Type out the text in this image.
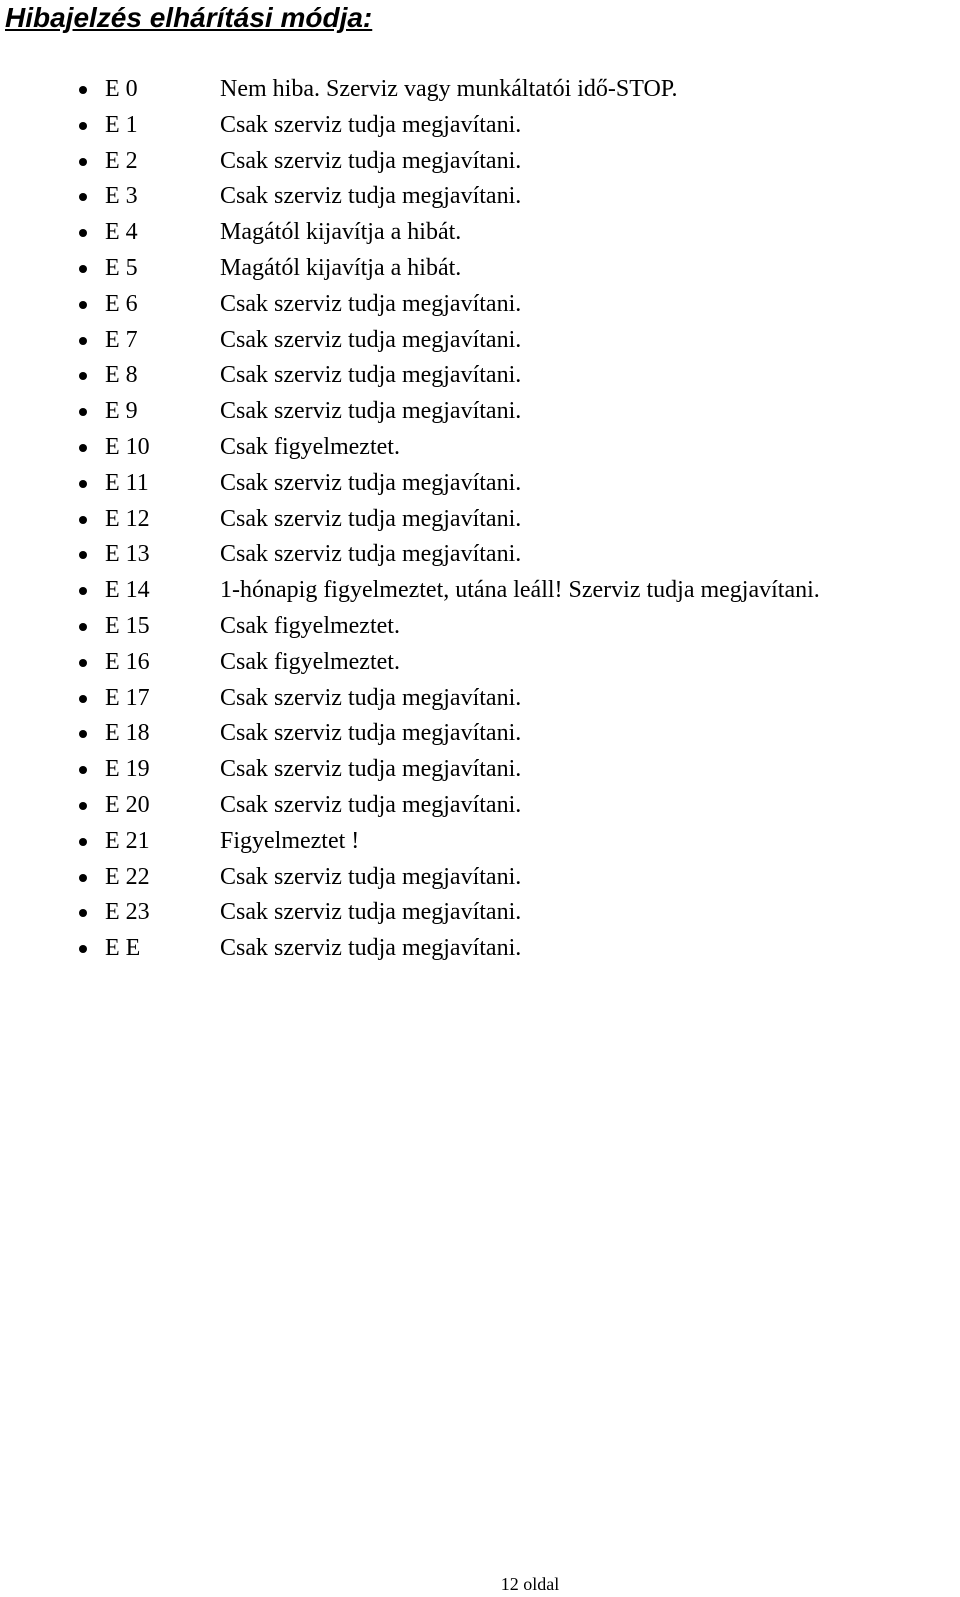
Hibajelzés elhárítási módja:
E 0	Nem hiba. Szerviz vagy munkáltatói idő-STOP.
E 1	Csak szerviz tudja megjavítani.
E 2	Csak szerviz tudja megjavítani.
E 3	Csak szerviz tudja megjavítani.
E 4	Magától kijavítja a hibát.
E 5	Magától kijavítja a hibát.
E 6	Csak szerviz tudja megjavítani.
E 7	Csak szerviz tudja megjavítani.
E 8	Csak szerviz tudja megjavítani.
E 9	Csak szerviz tudja megjavítani.
E 10	Csak figyelmeztet.
E 11	Csak szerviz tudja megjavítani.
E 12	Csak szerviz tudja megjavítani.
E 13	Csak szerviz tudja megjavítani.
E 14	1-hónapig figyelmeztet, utána leáll! Szerviz tudja megjavítani.
E 15	Csak figyelmeztet.
E 16	Csak figyelmeztet.
E 17	Csak szerviz tudja megjavítani.
E 18	Csak szerviz tudja megjavítani.
E 19	Csak szerviz tudja megjavítani.
E 20	Csak szerviz tudja megjavítani.
E 21	Figyelmeztet !
E 22	Csak szerviz tudja megjavítani.
E 23	Csak szerviz tudja megjavítani.
E E	Csak szerviz tudja megjavítani.
12 oldal
